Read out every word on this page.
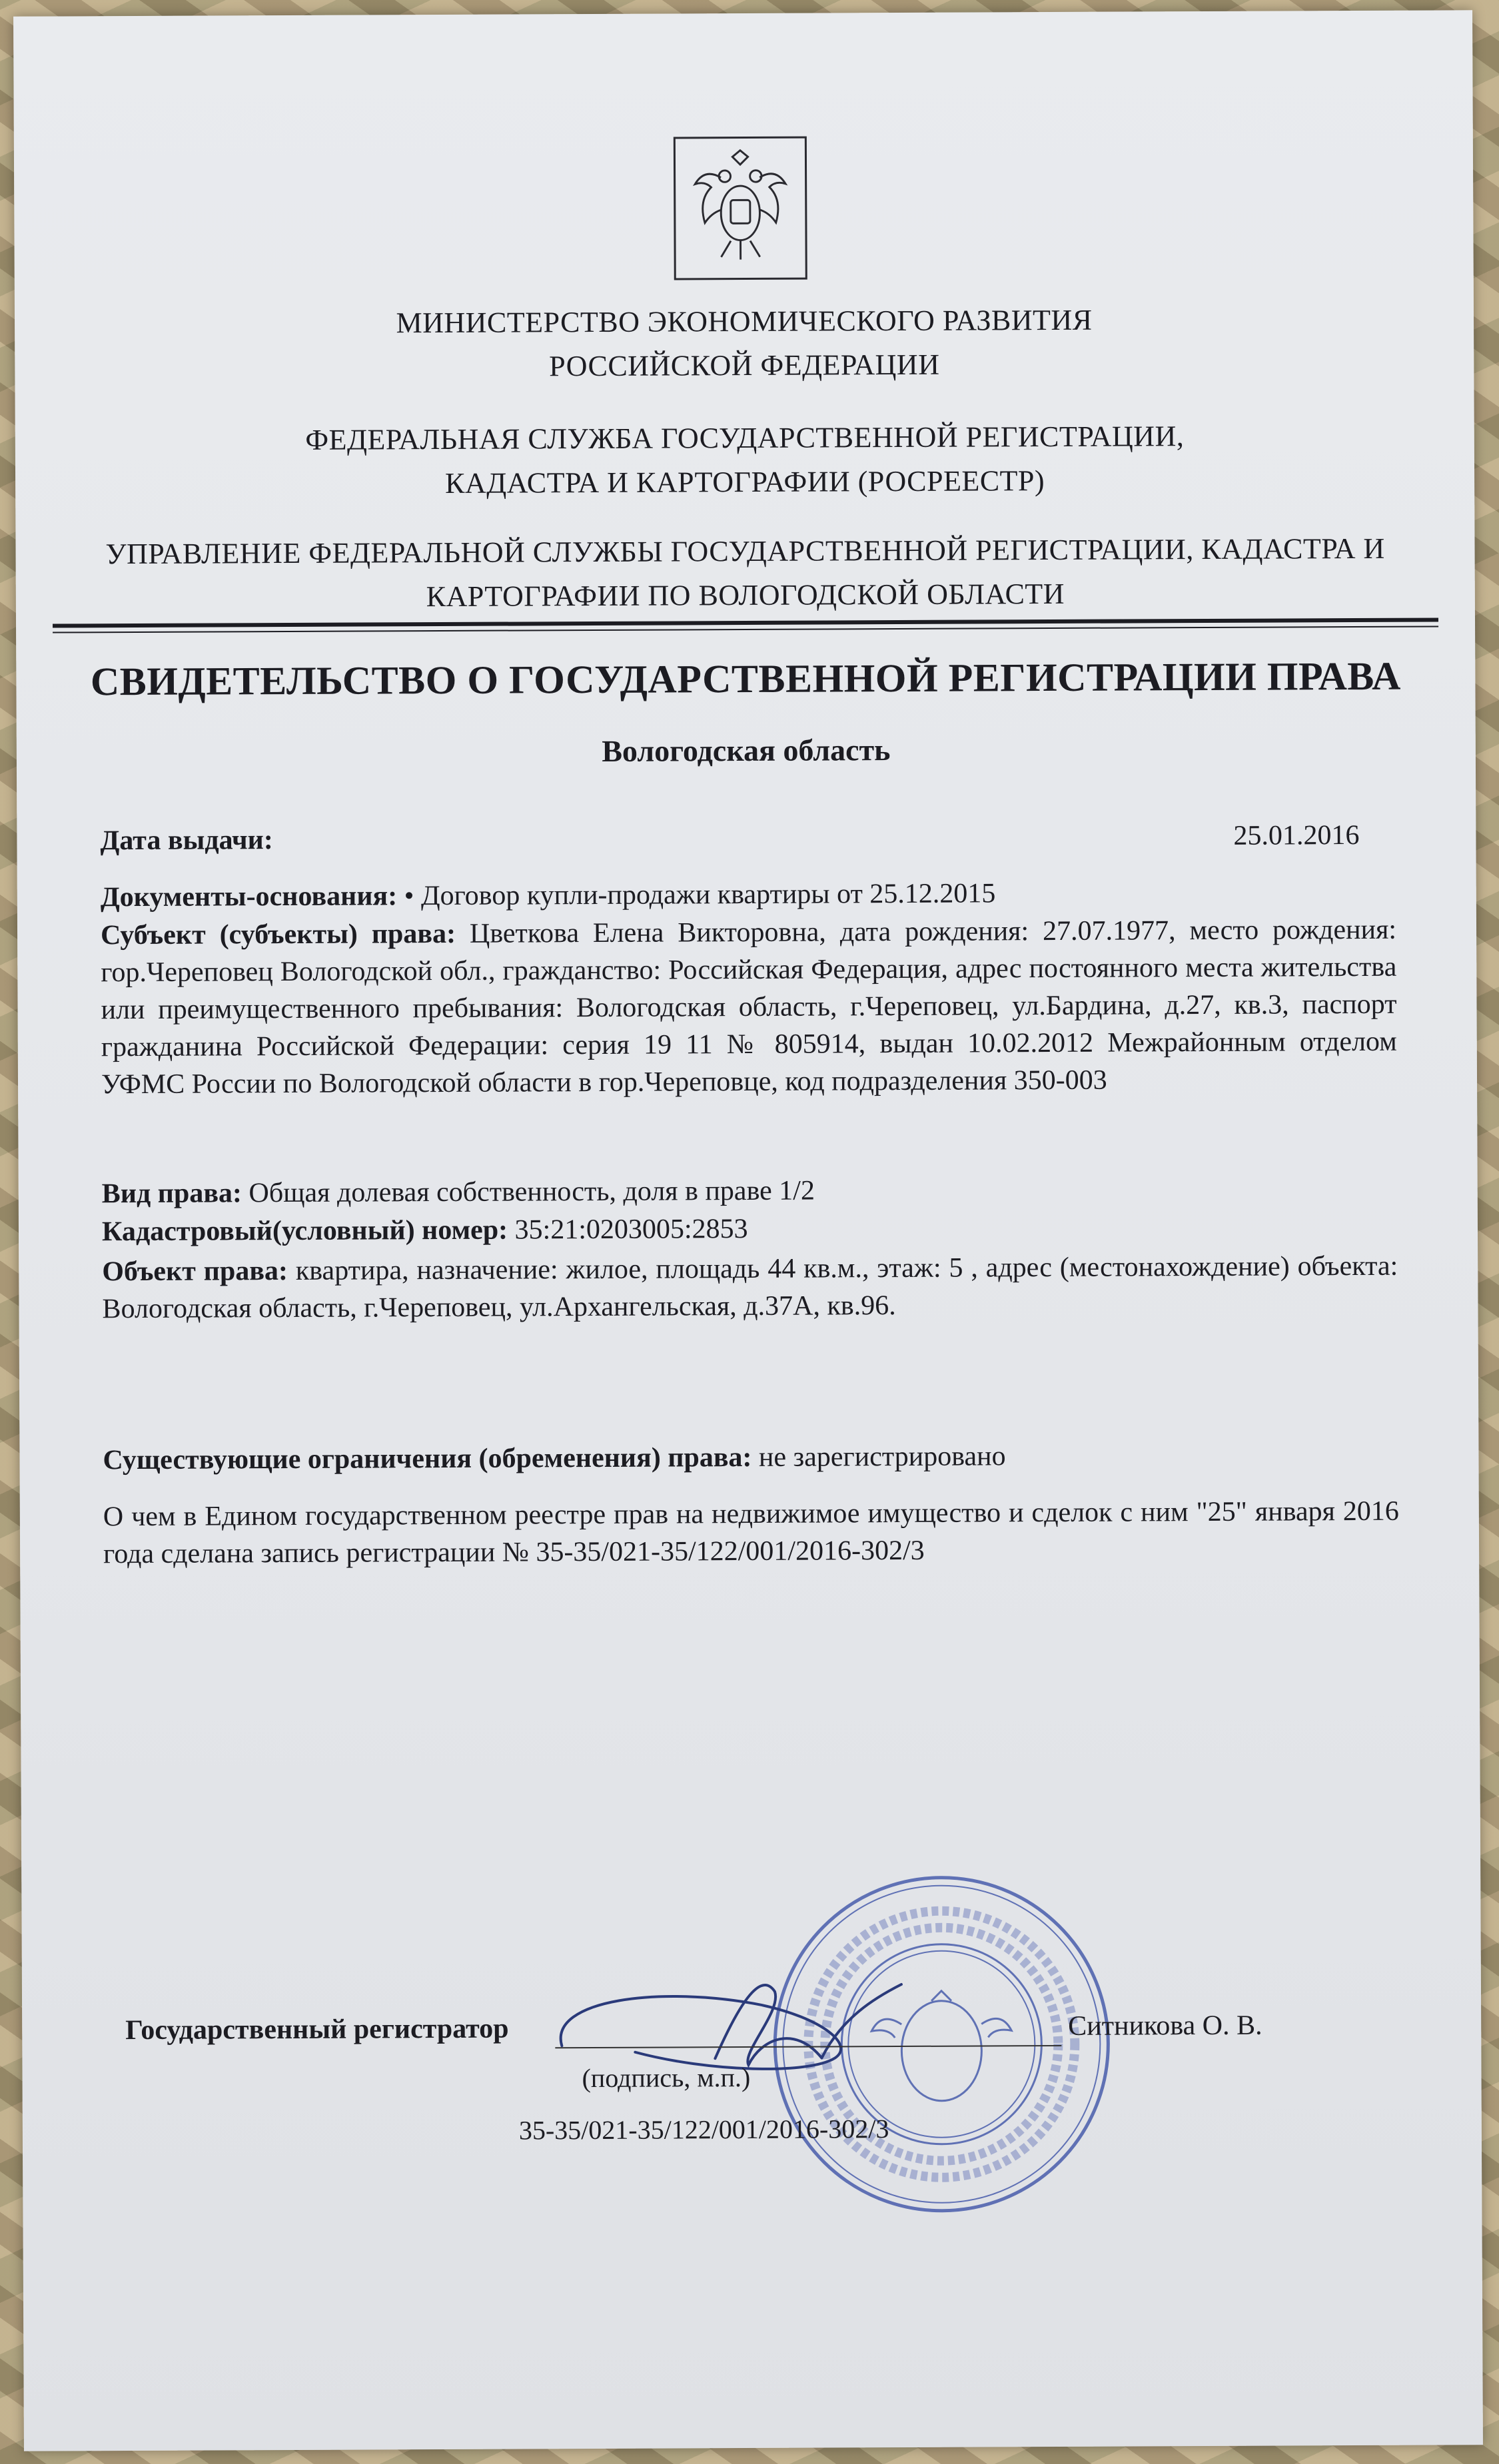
МИНИСТЕРСТВО ЭКОНОМИЧЕСКОГО РАЗВИТИЯ
РОССИЙСКОЙ ФЕДЕРАЦИИ
ФЕДЕРАЛЬНАЯ СЛУЖБА ГОСУДАРСТВЕННОЙ РЕГИСТРАЦИИ,
КАДАСТРА И КАРТОГРАФИИ (РОСРЕЕСТР)
УПРАВЛЕНИЕ ФЕДЕРАЛЬНОЙ СЛУЖБЫ ГОСУДАРСТВЕННОЙ РЕГИСТРАЦИИ, КАДАСТРА И
КАРТОГРАФИИ ПО ВОЛОГОДСКОЙ ОБЛАСТИ
СВИДЕТЕЛЬСТВО О ГОСУДАРСТВЕННОЙ РЕГИСТРАЦИИ ПРАВА
Вологодская область
Дата выдачи:	25.01.2016
Документы-основания: • Договор купли-продажи квартиры от 25.12.2015
Субъект (субъекты) права: Цветкова Елена Викторовна, дата рождения: 27.07.1977, место рождения: гор.Череповец Вологодской обл., гражданство: Российская Федерация, адрес постоянного места жительства или преимущественного пребывания: Вологодская область, г.Череповец, ул.Бардина, д.27, кв.3, паспорт гражданина Российской Федерации: серия 19 11 № 805914, выдан 10.02.2012 Межрайонным отделом УФМС России по Вологодской области в гор.Череповце, код подразделения 350-003
Вид права: Общая долевая собственность, доля в праве 1/2
Кадастровый(условный) номер: 35:21:0203005:2853
Объект права: квартира, назначение: жилое, площадь 44 кв.м., этаж: 5 , адрес (местонахождение) объекта: Вологодская область, г.Череповец, ул.Архангельская, д.37А, кв.96.
Существующие ограничения (обременения) права: не зарегистрировано
О чем в Едином государственном реестре прав на недвижимое имущество и сделок с ним "25" января 2016 года сделана запись регистрации № 35-35/021-35/122/001/2016-302/3
Государственный регистратор	Ситникова О. В.
(подпись, м.п.)
35-35/021-35/122/001/2016-302/3
